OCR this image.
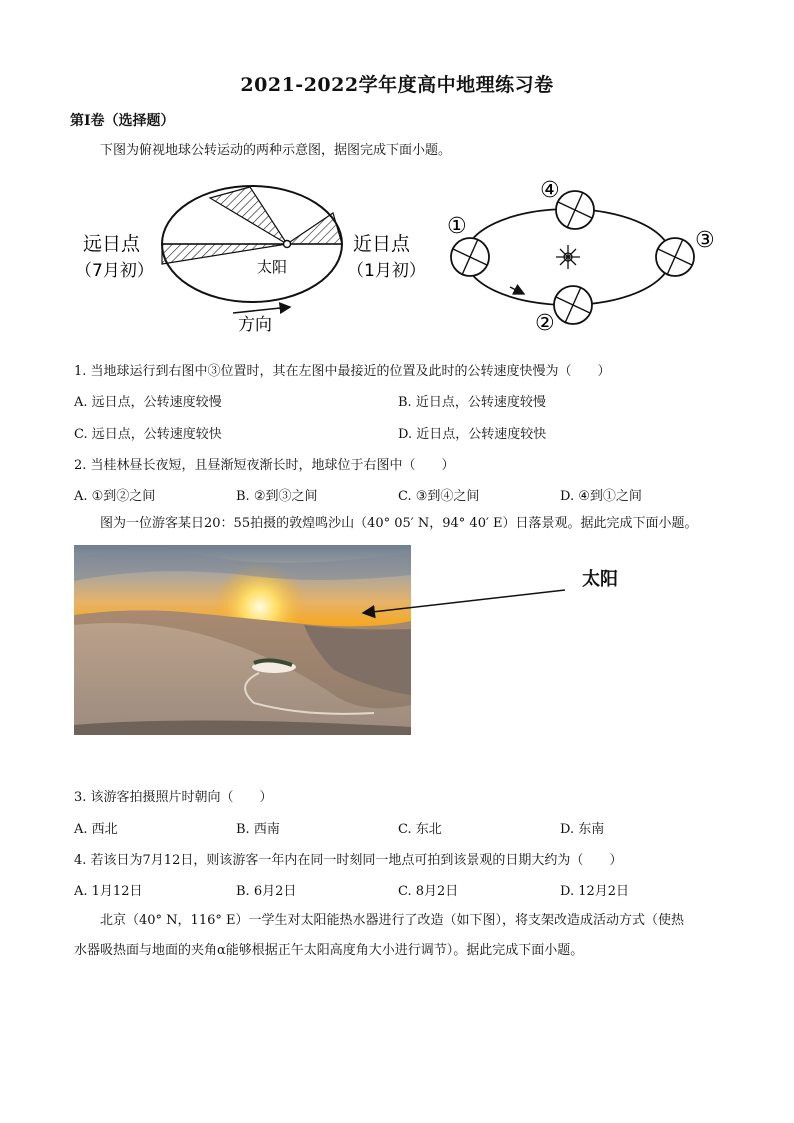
2021-2022学年度高中地理练习卷
第I卷（选择题）
下图为俯视地球公转运动的两种示意图，据图完成下面小题。
远日点
（7月初）
近日点
（1月初）
太阳
方向
①
④
③
②
1. 当地球运行到右图中③位置时，其在左图中最接近的位置及此时的公转速度快慢为（　　）
A. 远日点，公转速度较慢	B. 近日点，公转速度较慢
C. 远日点，公转速度较快	D. 近日点，公转速度较快
2. 当桂林昼长夜短，且昼渐短夜渐长时，地球位于右图中（　　）
A. ①到②之间	B. ②到③之间	C. ③到④之间	D. ④到①之间
图为一位游客某日20：55拍摄的敦煌鸣沙山（40° 05′ N，94° 40′ E）日落景观。据此完成下面小题。
太阳
3. 该游客拍摄照片时朝向（　　）
A. 西北	B. 西南	C. 东北	D. 东南
4. 若该日为7月12日，则该游客一年内在同一时刻同一地点可拍到该景观的日期大约为（　　）
A. 1月12日	B. 6月2日	C. 8月2日	D. 12月2日
北京（40° N，116° E）一学生对太阳能热水器进行了改造（如下图），将支架改造成活动方式（使热
水器吸热面与地面的夹角α能够根据正午太阳高度角大小进行调节）。据此完成下面小题。
